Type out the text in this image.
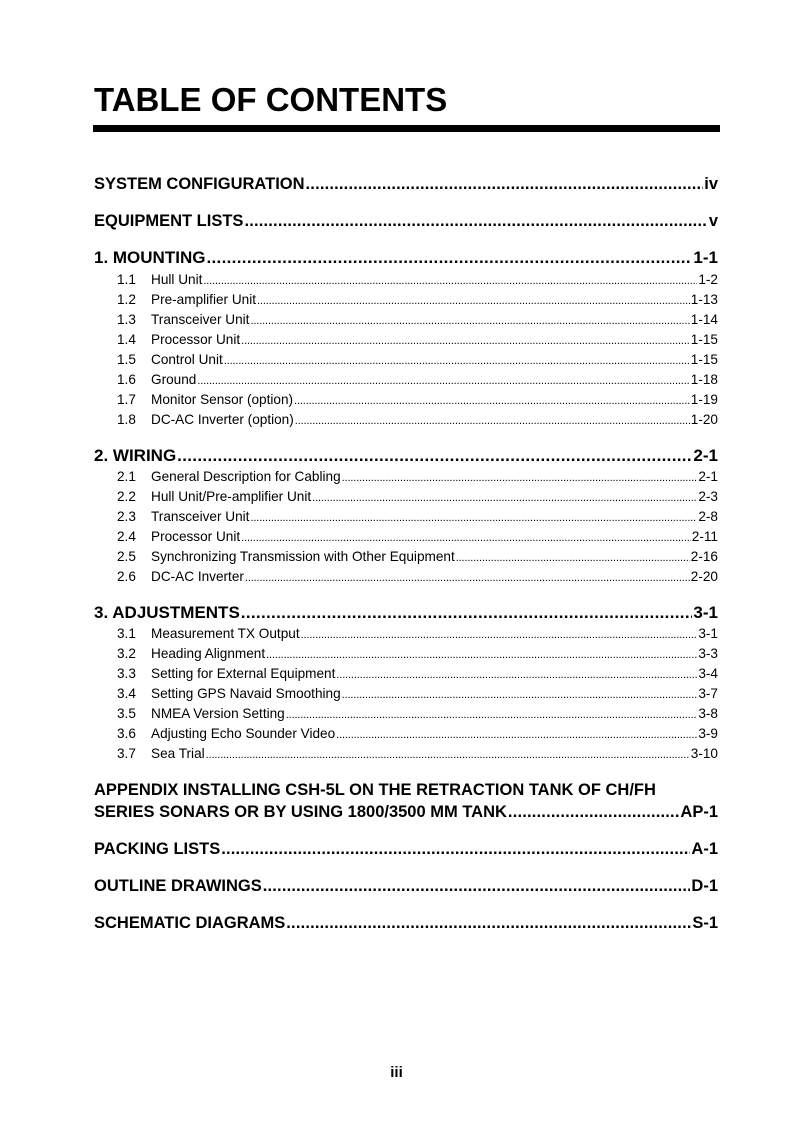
TABLE OF CONTENTS
SYSTEM CONFIGURATION . . .	iv
EQUIPMENT LISTS . . .	v
1. MOUNTING . . .	1-1
1.1	Hull Unit . . .	1-2
1.2	Pre-amplifier Unit . . .	1-13
1.3	Transceiver Unit . . .	1-14
1.4	Processor Unit . . .	1-15
1.5	Control Unit . . .	1-15
1.6	Ground . . .	1-18
1.7	Monitor Sensor (option) . . .	1-19
1.8	DC-AC Inverter (option) . . .	1-20
2. WIRING . . .	2-1
2.1	General Description for Cabling . . .	2-1
2.2	Hull Unit/Pre-amplifier Unit . . .	2-3
2.3	Transceiver Unit . . .	2-8
2.4	Processor Unit . . .	2-11
2.5	Synchronizing Transmission with Other Equipment . . .	2-16
2.6	DC-AC Inverter . . .	2-20
3. ADJUSTMENTS . . .	3-1
3.1	Measurement TX Output . . .	3-1
3.2	Heading Alignment . . .	3-3
3.3	Setting for External Equipment . . .	3-4
3.4	Setting GPS Navaid Smoothing . . .	3-7
3.5	NMEA Version Setting . . .	3-8
3.6	Adjusting Echo Sounder Video . . .	3-9
3.7	Sea Trial . . .	3-10
APPENDIX INSTALLING CSH-5L ON THE RETRACTION TANK OF CH/FH
SERIES SONARS OR BY USING 1800/3500 MM TANK . . .	AP-1
PACKING LISTS . . .	A-1
OUTLINE DRAWINGS . . .	D-1
SCHEMATIC DIAGRAMS . . .	S-1
iii
